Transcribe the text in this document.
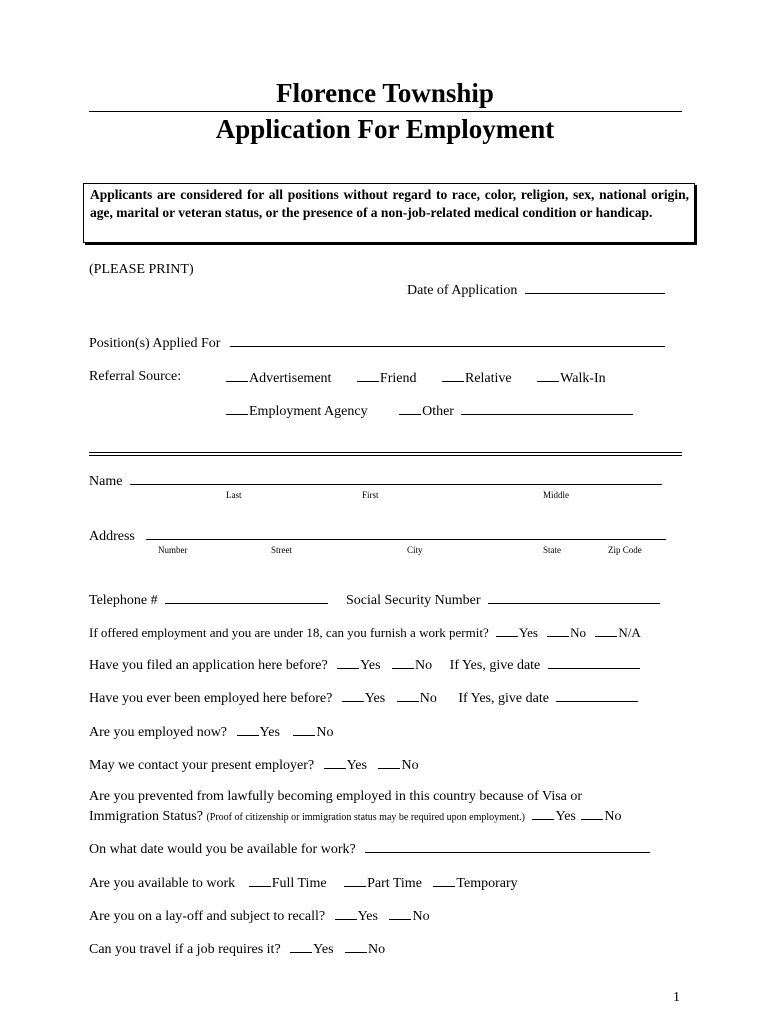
Florence Township
Application For Employment
Applicants are considered for all positions without regard to race, color, religion, sex, national origin, age, marital or veteran status, or the presence of a non-job-related medical condition or handicap.
(PLEASE PRINT)
Date of Application
Position(s) Applied For
Referral Source:	Advertisement	Friend	Relative	Walk-In
Employment Agency	Other
Name
Last	First	Middle
Address
Number	Street	City	State	Zip Code
Telephone #	Social Security Number
If offered employment and you are under 18, can you furnish a work permit? Yes No N/A
Have you filed an application here before? Yes No If Yes, give date
Have you ever been employed here before? Yes No If Yes, give date
Are you employed now? Yes	No
May we contact your present employer? Yes No
Are you prevented from lawfully becoming employed in this country because of Visa or
Immigration Status? (Proof of citizenship or immigration status may be required upon employment.) Yes No
On what date would you be available for work?
Are you available to work	Full Time	Part Time Temporary
Are you on a lay-off and subject to recall? Yes No
Can you travel if a job requires it? Yes No
1
